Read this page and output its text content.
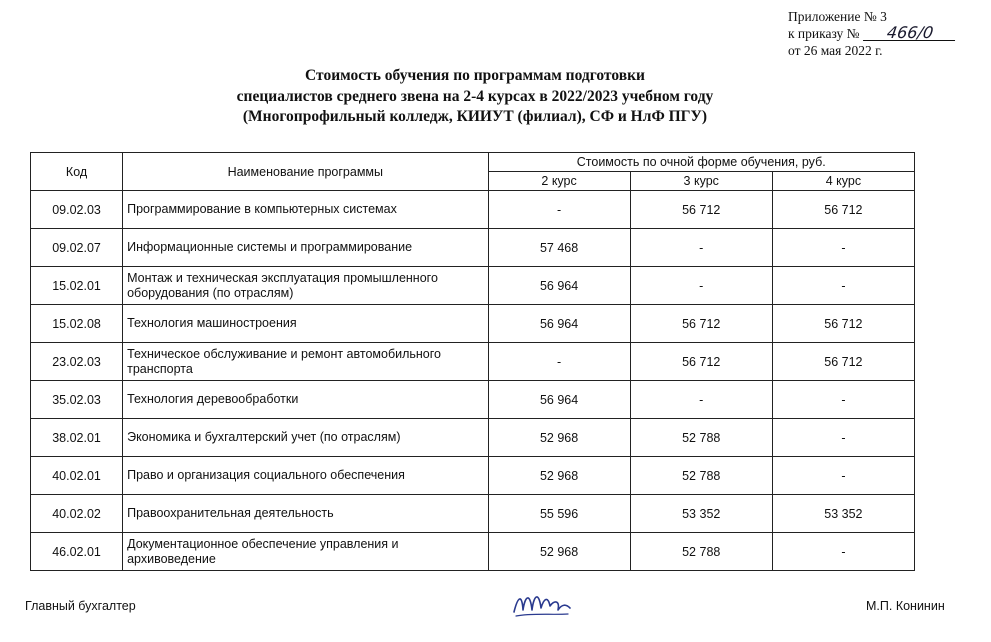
Приложение № 3
к приказу № 466/0
от 26 мая 2022 г.
Стоимость обучения по программам подготовки
специалистов среднего звена на 2-4 курсах в 2022/2023 учебном году
(Многопрофильный колледж, КИИУТ (филиал), СФ и НлФ ПГУ)
Код	Наименование программы	Стоимость по очной форме обучения, руб.		
		2 курс	3 курс	4 курс
09.02.03	Программирование в компьютерных системах	-	56 712	56 712
09.02.07	Информационные системы и программирование	57 468	-	-
15.02.01	Монтаж и техническая эксплуатация промышленного оборудования (по отраслям)	56 964	-	-
15.02.08	Технология машиностроения	56 964	56 712	56 712
23.02.03	Техническое обслуживание и ремонт автомобильного транспорта	-	56 712	56 712
35.02.03	Технология деревообработки	56 964	-	-
38.02.01	Экономика и бухгалтерский учет (по отраслям)	52 968	52 788	-
40.02.01	Право и организация социального обеспечения	52 968	52 788	-
40.02.02	Правоохранительная деятельность	55 596	53 352	53 352
46.02.01	Документационное обеспечение управления и архивоведение	52 968	52 788	-
Главный бухгалтер	М.П. Конинин
